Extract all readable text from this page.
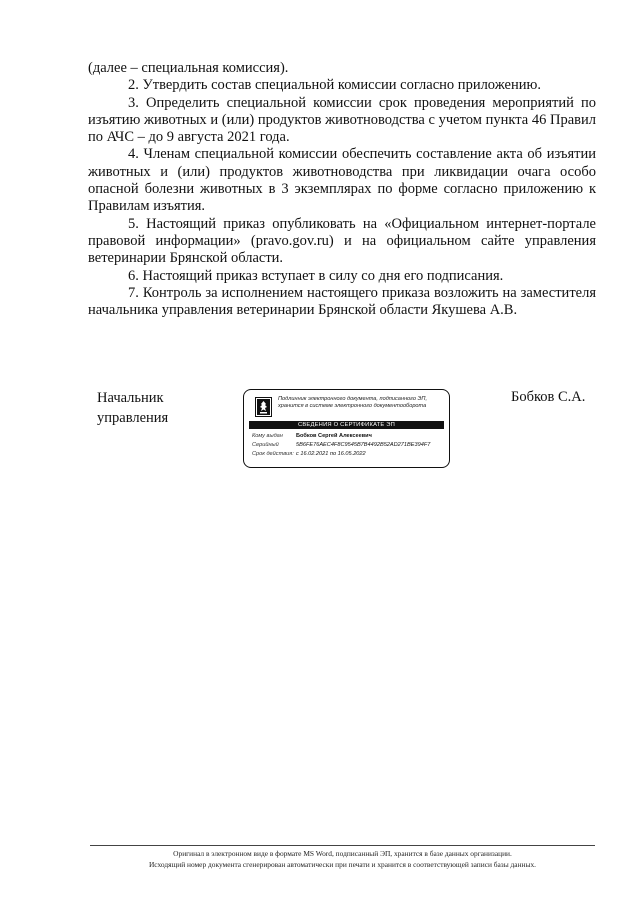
(далее – специальная комиссия).

2. Утвердить состав специальной комиссии согласно приложению.

3. Определить специальной комиссии срок проведения мероприятий по изъятию животных и (или) продуктов животноводства с учетом пункта 46 Правил по АЧС – до 9 августа 2021 года.

4. Членам специальной комиссии обеспечить составление акта об изъятии животных и (или) продуктов животноводства при ликвидации очага особо опасной болезни животных в 3 экземплярах по форме согласно приложению к Правилам изъятия.

5. Настоящий приказ опубликовать на «Официальном интернет-портале правовой информации» (pravo.gov.ru) и на официальном сайте управления ветеринарии Брянской области.

6. Настоящий приказ вступает в силу со дня его подписания.

7. Контроль за исполнением настоящего приказа возложить на заместителя начальника управления ветеринарии Брянской области Якушева А.В.

Начальник
управления
Подлинник электронного документа, подписанного ЭП, хранится в системе электронного документооборота
СВЕДЕНИЯ О СЕРТИФИКАТЕ ЭП
Кому выдан Бобков Сергей Алексеевич
Серийный	5B6FE76AEC4F8C9545B7B4492B52AD271BE394F7
Срок действия: с 16.02.2021 по 16.05.2022
Бобков С.А.
Оригинал в электронном виде в формате MS Word, подписанный ЭП, хранится в базе данных организации.
Исходящий номер документа сгенерирован автоматически при печати и хранится в соответствующей записи базы данных.
